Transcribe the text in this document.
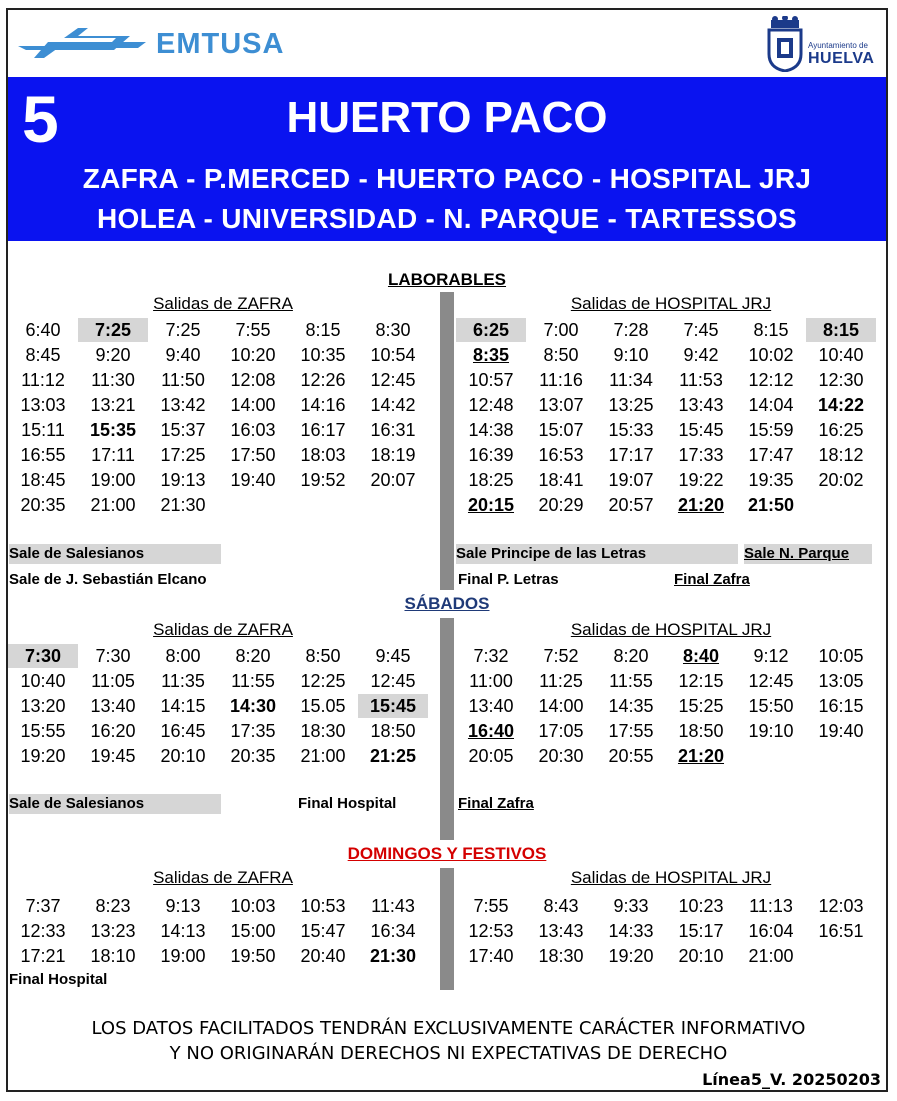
EMTUSA	Ayuntamiento de
HUELVA
5	HUERTO PACO
ZAFRA - P.MERCED - HUERTO PACO - HOSPITAL JRJ
HOLEA - UNIVERSIDAD - N. PARQUE - TARTESSOS
LABORABLES
Salidas de ZAFRA	Salidas de HOSPITAL JRJ
6:40	7:25	7:25	7:55	8:15	8:30
8:45	9:20	9:40	10:20	10:35	10:54
11:12	11:30	11:50	12:08	12:26	12:45
13:03	13:21	13:42	14:00	14:16	14:42
15:11	15:35	15:37	16:03	16:17	16:31
16:55	17:11	17:25	17:50	18:03	18:19
18:45	19:00	19:13	19:40	19:52	20:07
20:35	21:00	21:30
6:25	7:00	7:28	7:45	8:15	8:15
8:35	8:50	9:10	9:42	10:02	10:40
10:57	11:16	11:34	11:53	12:12	12:30
12:48	13:07	13:25	13:43	14:04	14:22
14:38	15:07	15:33	15:45	15:59	16:25
16:39	16:53	17:17	17:33	17:47	18:12
18:25	18:41	19:07	19:22	19:35	20:02
20:15	20:29	20:57	21:20	21:50
Sale de Salesianos
Sale de J. Sebastián Elcano
Sale Principe de las Letras	Sale N. Parque
Final P. Letras	Final Zafra
SÁBADOS
Salidas de ZAFRA	Salidas de HOSPITAL JRJ
7:30	7:30	8:00	8:20	8:50	9:45
10:40	11:05	11:35	11:55	12:25	12:45
13:20	13:40	14:15	14:30	15.05	15:45
15:55	16:20	16:45	17:35	18:30	18:50
19:20	19:45	20:10	20:35	21:00	21:25
7:32	7:52	8:20	8:40	9:12	10:05
11:00	11:25	11:55	12:15	12:45	13:05
13:40	14:00	14:35	15:25	15:50	16:15
16:40	17:05	17:55	18:50	19:10	19:40
20:05	20:30	20:55	21:20
Sale de Salesianos	Final Hospital	Final Zafra
DOMINGOS Y FESTIVOS
Salidas de ZAFRA	Salidas de HOSPITAL JRJ
7:37	8:23	9:13	10:03	10:53	11:43
12:33	13:23	14:13	15:00	15:47	16:34
17:21	18:10	19:00	19:50	20:40	21:30
7:55	8:43	9:33	10:23	11:13	12:03
12:53	13:43	14:33	15:17	16:04	16:51
17:40	18:30	19:20	20:10	21:00
Final Hospital
LOS DATOS FACILITADOS TENDRÁN EXCLUSIVAMENTE CARÁCTER INFORMATIVO
Y NO ORIGINARÁN DERECHOS NI EXPECTATIVAS DE DERECHO
Línea5_V. 20250203
